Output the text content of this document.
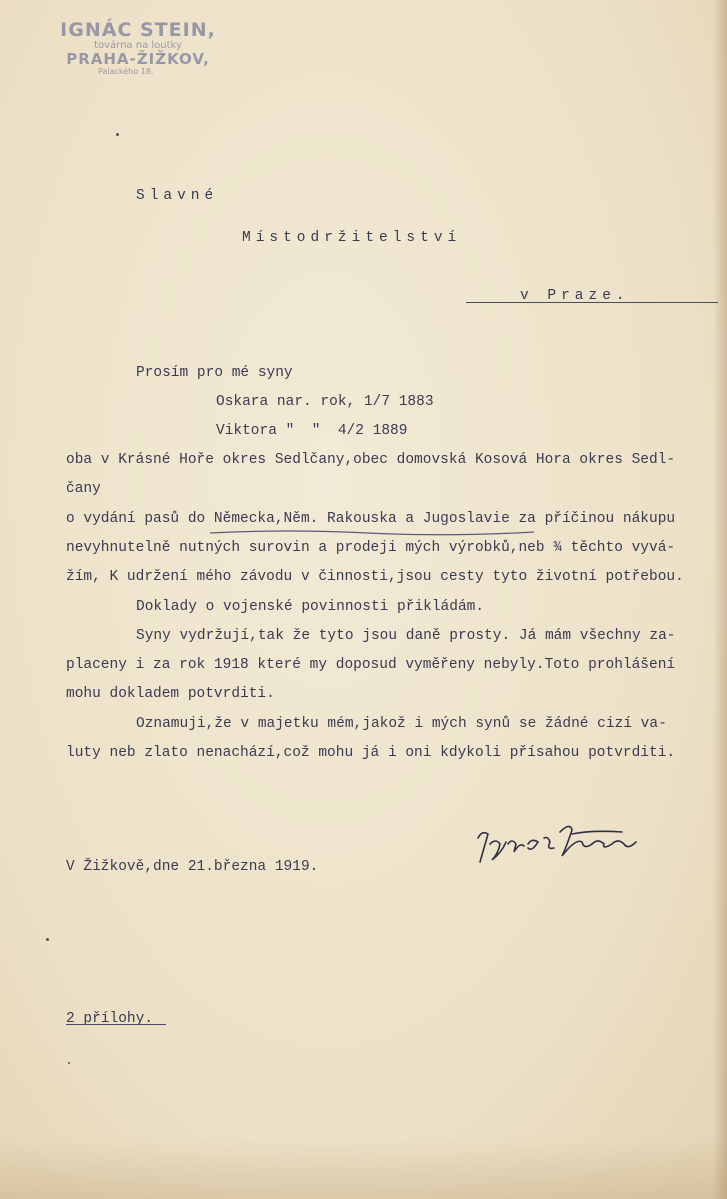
IGNÁC STEIN,
továrna na loutky
PRAHA-ŽIŽKOV,
Palackého 18.
Slavné
Místodržitelství
v Praze.
Prosím pro mé syny
Oskara nar. rok, 1/7 1883
Viktora "  "  4/2 1889
oba v Krásné Hoře okres Sedlčany,obec domovská Kosová Hora okres Sedl-
čany
o vydání pasů do Německa,Něm. Rakouska a Jugoslavie za příčinou nákupu
nevyhnutelně nutných surovin a prodeji mých výrobků,neb ¾ těchto vyvá-
žím, K udržení mého závodu v činnosti,jsou cesty tyto životní potřebou.
Doklady o vojenské povinnosti přikládám.
Syny vydržují,tak že tyto jsou daně prosty. Já mám všechny za-
placeny i za rok 1918 které my doposud vyměřeny nebyly.Toto prohlášení
mohu dokladem potvrditi.
Oznamuji,že v majetku mém,jakož i mých synů se žádné cizí va-
luty neb zlato nenachází,což mohu já i oni kdykoli přísahou potvrditi.
V Žižkově,dne 21.března 1919.
2 přílohy.
